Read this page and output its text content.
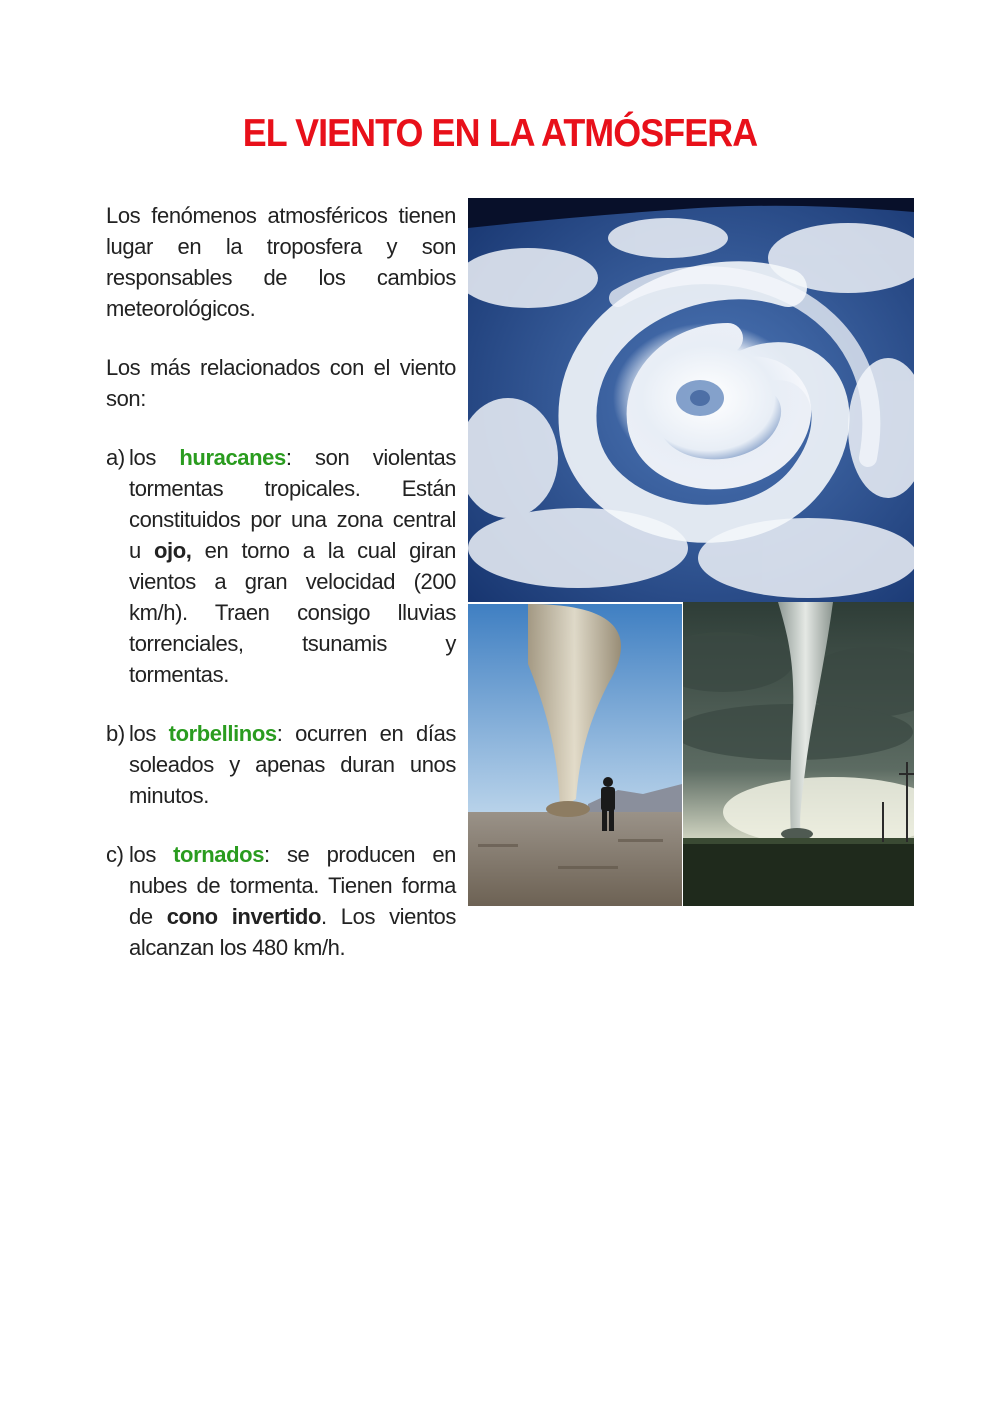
EL VIENTO EN LA ATMÓSFERA

Los fenómenos atmosféricos tienen lugar en la troposfera y son responsables de los cambios meteorológicos.

Los más relacionados con el viento son:

a) los huracanes: son violentas tormentas tropicales. Están constituidos por una zona central u ojo, en torno a la cual giran vientos a gran velocidad (200 km/h). Traen consigo lluvias torrenciales, tsunamis y tormentas.
b) los torbellinos: ocurren en días soleados y apenas duran unos minutos.
c) los tornados: se producen en nubes de tormenta. Tienen forma de cono invertido. Los vientos alcanzan los 480 km/h.
